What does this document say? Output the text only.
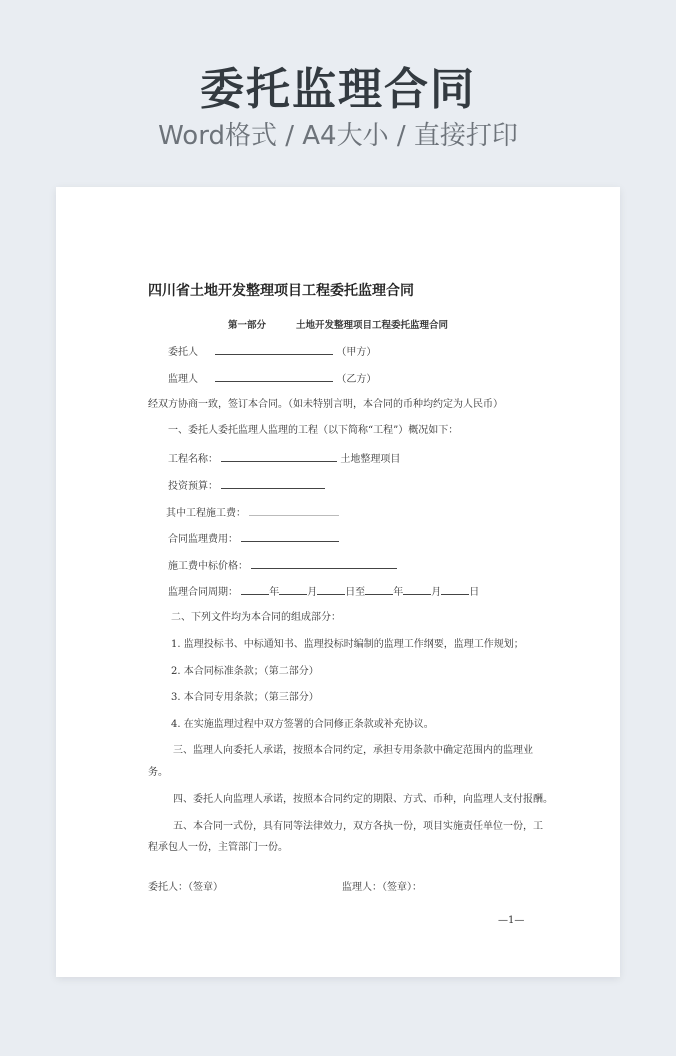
委托监理合同
Word格式 / A4大小 / 直接打印
四川省土地开发整理项目工程委托监理合同
第一部分	土地开发整理项目工程委托监理合同
委托人	（甲方）
监理人	（乙方）
经双方协商一致，签订本合同。（如未特别言明，本合同的币种均约定为人民币）
一、委托人委托监理人监理的工程（以下简称“工程”）概况如下：
工程名称：	土地整理项目
投资预算：
其中工程施工费：
合同监理费用：
施工费中标价格：
监理合同周期：	年	月	日至	年	月	日
二、下列文件均为本合同的组成部分：
1. 监理投标书、中标通知书、监理投标时编制的监理工作纲要，监理工作规划；
2. 本合同标准条款；（第二部分）
3. 本合同专用条款；（第三部分）
4. 在实施监理过程中双方签署的合同修正条款或补充协议。
三、监理人向委托人承诺，按照本合同约定，承担专用条款中确定范围内的监理业
务。
四、委托人向监理人承诺，按照本合同约定的期限、方式、币种，向监理人支付报酬。
五、本合同一式份，具有同等法律效力，双方各执一份，项目实施责任单位一份，工
程承包人一份，主管部门一份。
委托人：（签章）	监理人：（签章）：
—1—
